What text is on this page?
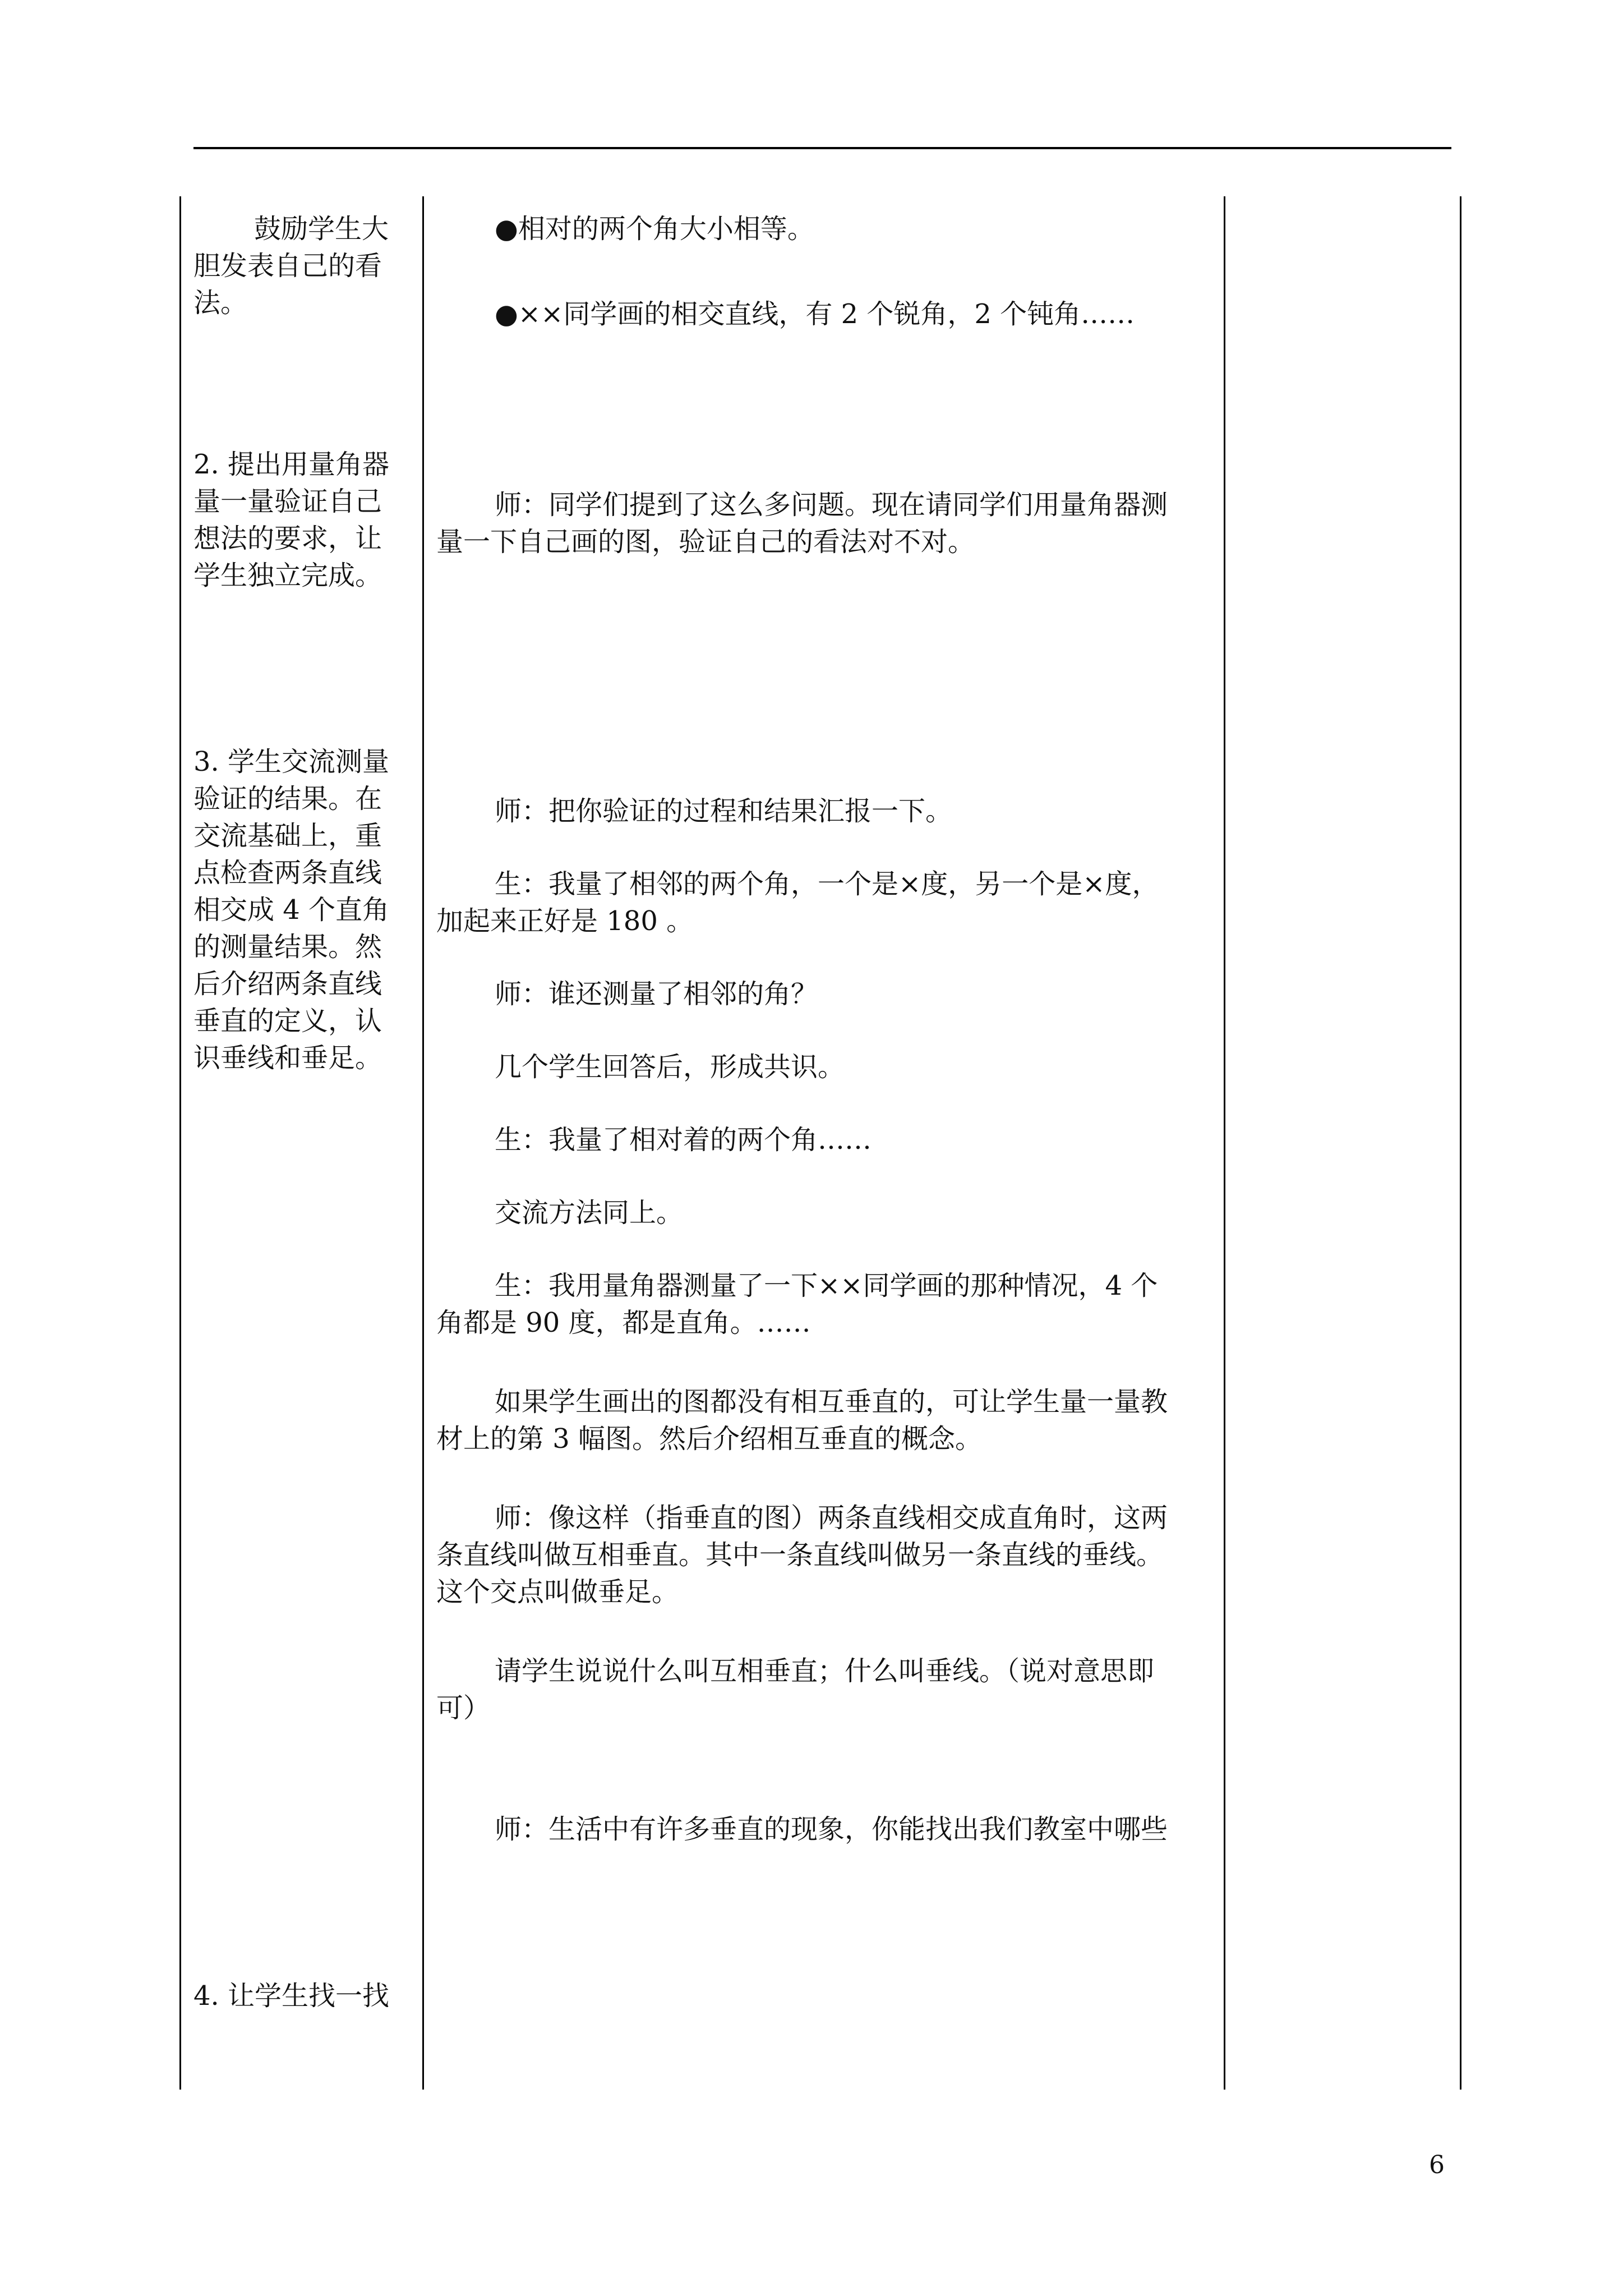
鼓励学生大

胆发表自己的看

法。

2. 提出用量角器

量一量验证自己

想法的要求，让

学生独立完成。

3. 学生交流测量

验证的结果。在

交流基础上，重

点检查两条直线

相交成 4 个直角

的测量结果。然

后介绍两条直线

垂直的定义，认

识垂线和垂足。

4. 让学生找一找

●相对的两个角大小相等。

●××同学画的相交直线，有 2 个锐角，2 个钝角……

师：同学们提到了这么多问题。现在请同学们用量角器测

量一下自己画的图，验证自己的看法对不对。

师：把你验证的过程和结果汇报一下。

生：我量了相邻的两个角，一个是×度，另一个是×度，

加起来正好是 180 。

师：谁还测量了相邻的角？

几个学生回答后，形成共识。

生：我量了相对着的两个角……

交流方法同上。

生：我用量角器测量了一下××同学画的那种情况，4 个

角都是 90 度，都是直角。……

如果学生画出的图都没有相互垂直的，可让学生量一量教

材上的第 3 幅图。然后介绍相互垂直的概念。

师：像这样（指垂直的图）两条直线相交成直角时，这两

条直线叫做互相垂直。其中一条直线叫做另一条直线的垂线。

这个交点叫做垂足。

请学生说说什么叫互相垂直；什么叫垂线。（说对意思即

可）

师：生活中有许多垂直的现象，你能找出我们教室中哪些

6
